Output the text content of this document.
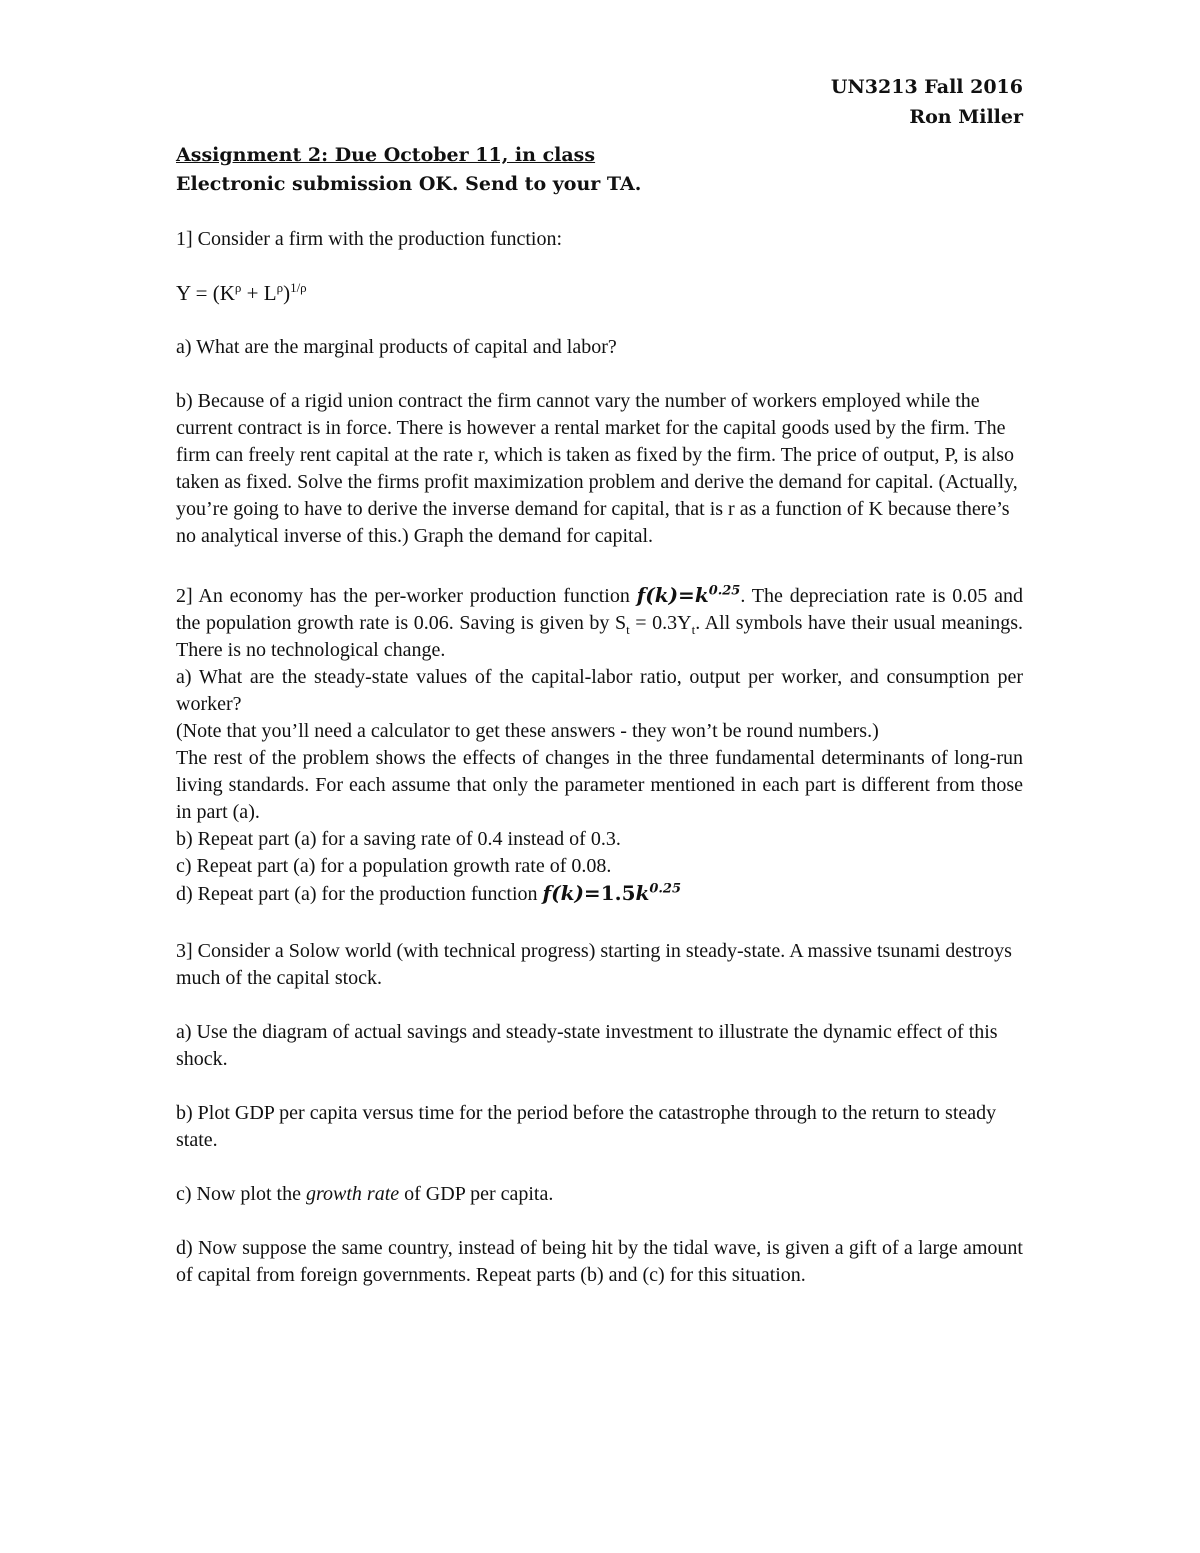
UN3213 Fall 2016
Ron Miller

Assignment 2: Due October 11, in class

Electronic submission OK. Send to your TA.

1] Consider a firm with the production function:

$Y = (K^\rho + L^\rho)^{1/\rho}$

a) What are the marginal products of capital and labor?

b) Because of a rigid union contract the firm cannot vary the number of workers employed while the current contract is in force. There is however a rental market for the capital goods used by the firm. The firm can freely rent capital at the rate r, which is taken as fixed by the firm. The price of output, P, is also taken as fixed. Solve the firms profit maximization problem and derive the demand for capital. (Actually, you’re going to have to derive the inverse demand for capital, that is r as a function of K because there’s no analytical inverse of this.) Graph the demand for capital.

2] An economy has the per-worker production function $f(k)=k^{0.25}$. The depreciation rate is 0.05 and the population growth rate is 0.06. Saving is given by $S_t = 0.3Y_t$. All symbols have their usual meanings. There is no technological change.

a) What are the steady-state values of the capital-labor ratio, output per worker, and consumption per worker?

(Note that you’ll need a calculator to get these answers - they won’t be round numbers.)

The rest of the problem shows the effects of changes in the three fundamental determinants of long-run living standards. For each assume that only the parameter mentioned in each part is different from those in part (a).

b) Repeat part (a) for a saving rate of 0.4 instead of 0.3.

c) Repeat part (a) for a population growth rate of 0.08.

d) Repeat part (a) for the production function $f(k)=1.5k^{0.25}$

3] Consider a Solow world (with technical progress) starting in steady-state. A massive tsunami destroys much of the capital stock.

a) Use the diagram of actual savings and steady-state investment to illustrate the dynamic effect of this shock.

b) Plot GDP per capita versus time for the period before the catastrophe through to the return to steady state.

c) Now plot the growth rate of GDP per capita.

d) Now suppose the same country, instead of being hit by the tidal wave, is given a gift of a large amount of capital from foreign governments. Repeat parts (b) and (c) for this situation.
